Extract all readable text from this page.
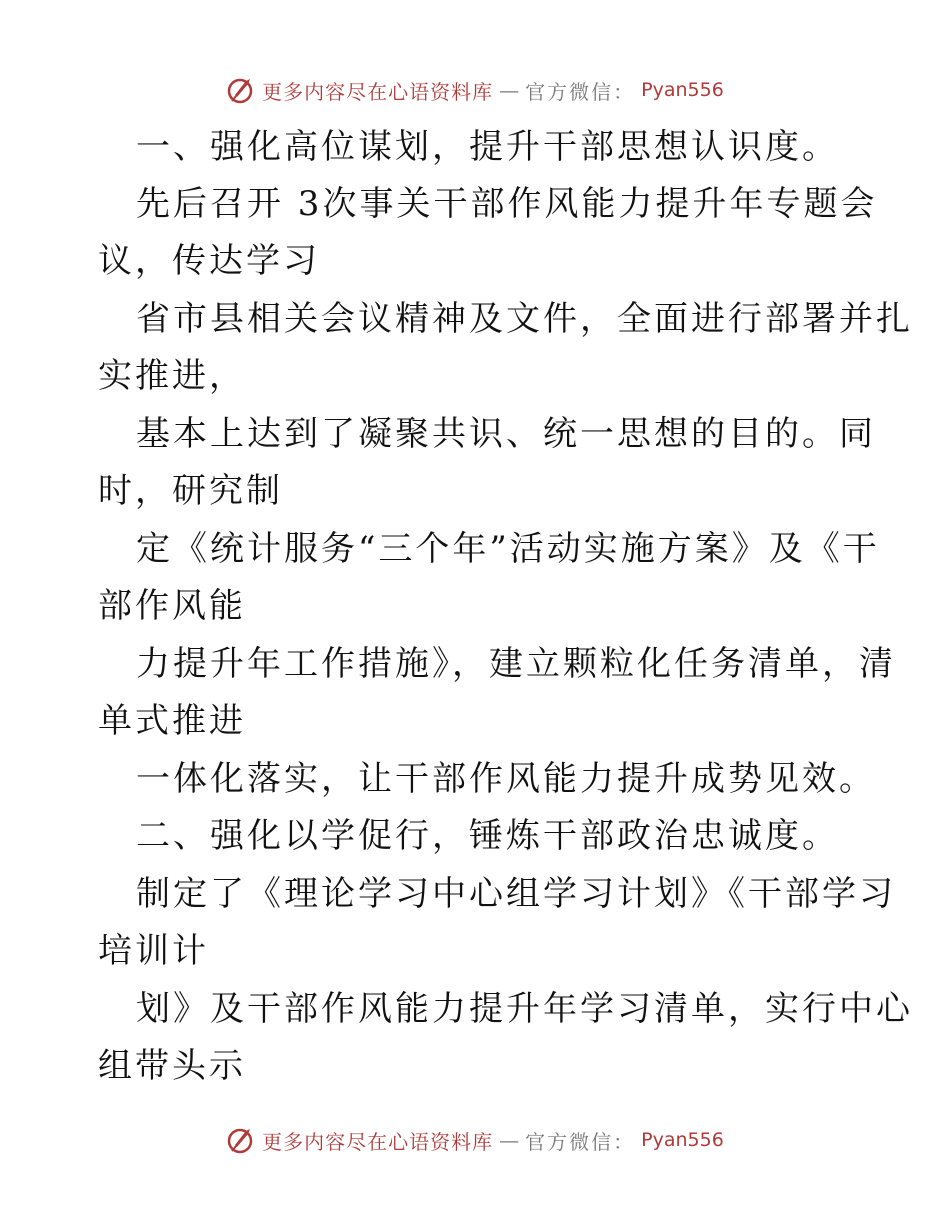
更多内容尽在心语资料库 — 官方微信： Pyan556
一、强化高位谋划，提升干部思想认识度。
先后召开 3次事关干部作风能力提升年专题会
议，传达学习
省市县相关会议精神及文件，全面进行部署并扎
实推进，
基本上达到了凝聚共识、统一思想的目的。同
时，研究制
定《统计服务“三个年”活动实施方案》及《干
部作风能
力提升年工作措施》，建立颗粒化任务清单，清
单式推进
一体化落实，让干部作风能力提升成势见效。
二、强化以学促行，锤炼干部政治忠诚度。
制定了《理论学习中心组学习计划》《干部学习
培训计
划》及干部作风能力提升年学习清单，实行中心
组带头示
更多内容尽在心语资料库 — 官方微信： Pyan556
